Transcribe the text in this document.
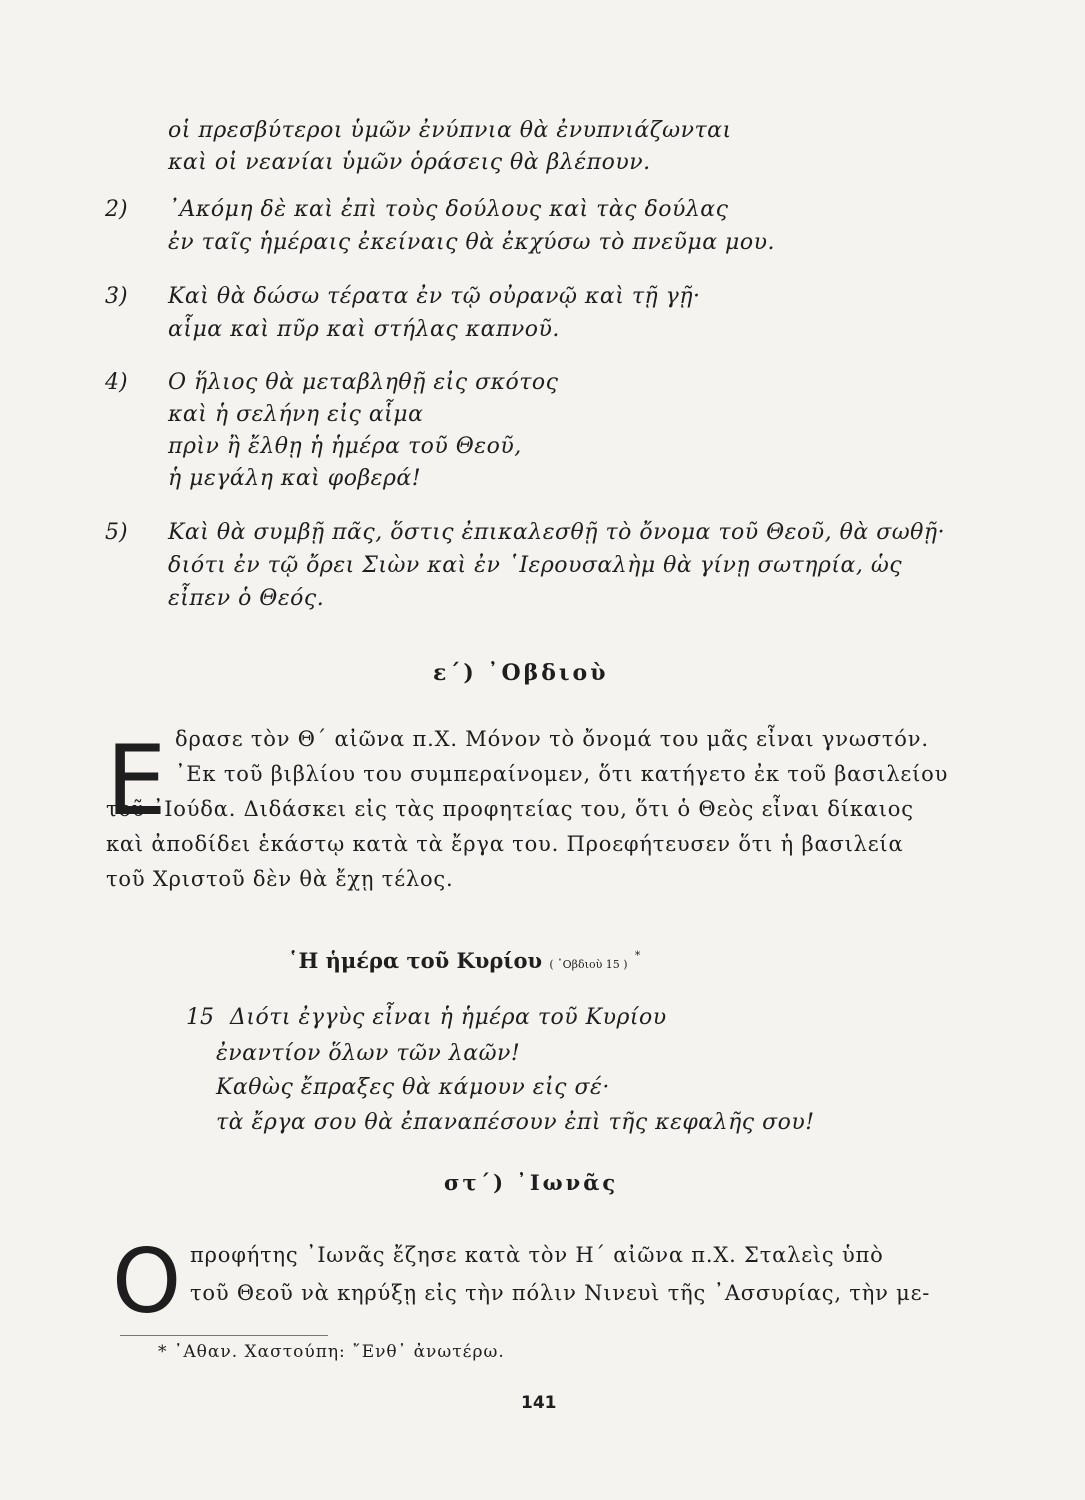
οἱ πρεσβύτεροι ὑμῶν ἐνύπνια θὰ ἐνυπνιάζωνται
καὶ οἱ νεανίαι ὑμῶν ὁράσεις θὰ βλέπουν.
2) ᾽Ακόμη δὲ καὶ ἐπὶ τοὺς δούλους καὶ τὰς δούλας
ἐν ταῖς ἡμέραις ἐκείναις θὰ ἐκχύσω τὸ πνεῦμα μου.
3) Καὶ θὰ δώσω τέρατα ἐν τῷ οὐρανῷ καὶ τῇ γῇ·
αἷμα καὶ πῦρ καὶ στήλας καπνοῦ.
4) Ο ἥλιος θὰ μεταβληθῇ εἰς σκότος
καὶ ἡ σελήνη εἰς αἷμα
πρὶν ἢ ἔλθῃ ἡ ἡμέρα τοῦ Θεοῦ,
ἡ μεγάλη καὶ φοβερά!
5) Καὶ θὰ συμβῇ πᾶς, ὅστις ἐπικαλεσθῇ τὸ ὄνομα τοῦ Θεοῦ, θὰ σωθῇ·
διότι ἐν τῷ ὄρει Σιὼν καὶ ἐν ῾Ιερουσαλὴμ θὰ γίνῃ σωτηρία, ὡς
εἶπεν ὁ Θεός.
ε´) ᾽Οβδιοὺ
Ε δρασε τὸν Θ´ αἰῶνα π.Χ. Μόνον τὸ ὄνομά του μᾶς εἶναι γνωστόν.
᾽Εκ τοῦ βιβλίου του συμπεραίνομεν, ὅτι κατήγετο ἐκ τοῦ βασιλείου
τοῦ ᾽Ιούδα. Διδάσκει εἰς τὰς προφητείας του, ὅτι ὁ Θεὸς εἶναι δίκαιος
καὶ ἀποδίδει ἑκάστῳ κατὰ τὰ ἔργα του. Προεφήτευσεν ὅτι ἡ βασιλεία
τοῦ Χριστοῦ δὲν θὰ ἔχῃ τέλος.
῾Η ἡμέρα τοῦ Κυρίου ( ᾽Οβδιοὺ 15 ) *
15 Διότι ἐγγὺς εἶναι ἡ ἡμέρα τοῦ Κυρίου
ἐναντίον ὅλων τῶν λαῶν!
Καθὼς ἔπραξες θὰ κάμουν εἰς σέ·
τὰ ἔργα σου θὰ ἐπαναπέσουν ἐπὶ τῆς κεφαλῆς σου!
στ´) ᾽Ιωνᾶς
Ο προφήτης ᾽Ιωνᾶς ἔζησε κατὰ τὸν Η´ αἰῶνα π.Χ. Σταλεὶς ὑπὸ
τοῦ Θεοῦ νὰ κηρύξῃ εἰς τὴν πόλιν Νινευὶ τῆς ᾽Ασσυρίας, τὴν με-
* ᾽Αθαν. Χαστούπη: ῎Ενθ᾽ ἀνωτέρω.
141
